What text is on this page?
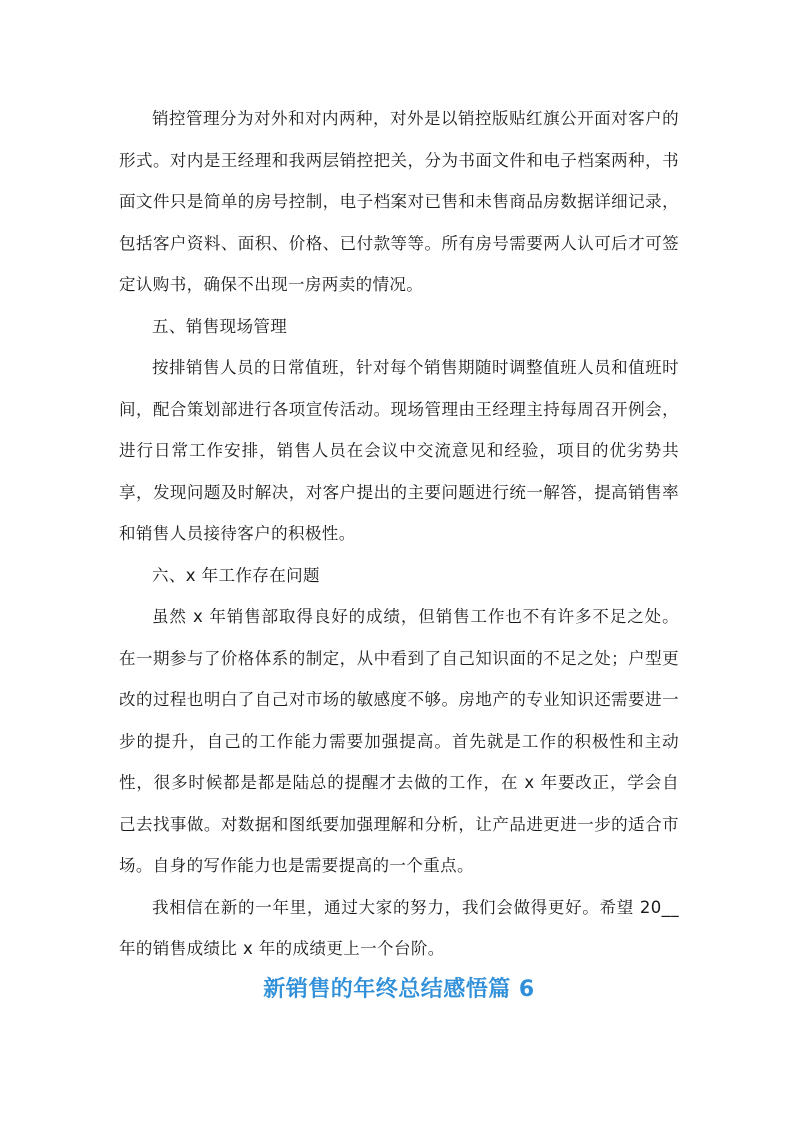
销控管理分为对外和对内两种，对外是以销控版贴红旗公开面对客户的形式。对内是王经理和我两层销控把关，分为书面文件和电子档案两种，书面文件只是简单的房号控制，电子档案对已售和未售商品房数据详细记录，包括客户资料、面积、价格、已付款等等。所有房号需要两人认可后才可签定认购书，确保不出现一房两卖的情况。

五、销售现场管理

按排销售人员的日常值班，针对每个销售期随时调整值班人员和值班时间，配合策划部进行各项宣传活动。现场管理由王经理主持每周召开例会，进行日常工作安排，销售人员在会议中交流意见和经验，项目的优劣势共享，发现问题及时解决，对客户提出的主要问题进行统一解答，提高销售率和销售人员接待客户的积极性。

六、x 年工作存在问题

虽然 x 年销售部取得良好的成绩，但销售工作也不有许多不足之处。在一期参与了价格体系的制定，从中看到了自己知识面的不足之处；户型更改的过程也明白了自己对市场的敏感度不够。房地产的专业知识还需要进一步的提升，自己的工作能力需要加强提高。首先就是工作的积极性和主动性，很多时候都是都是陆总的提醒才去做的工作，在 x 年要改正，学会自己去找事做。对数据和图纸要加强理解和分析，让产品进更进一步的适合市场。自身的写作能力也是需要提高的一个重点。

我相信在新的一年里，通过大家的努力，我们会做得更好。希望 20__年的销售成绩比 x 年的成绩更上一个台阶。

新销售的年终总结感悟篇 6
